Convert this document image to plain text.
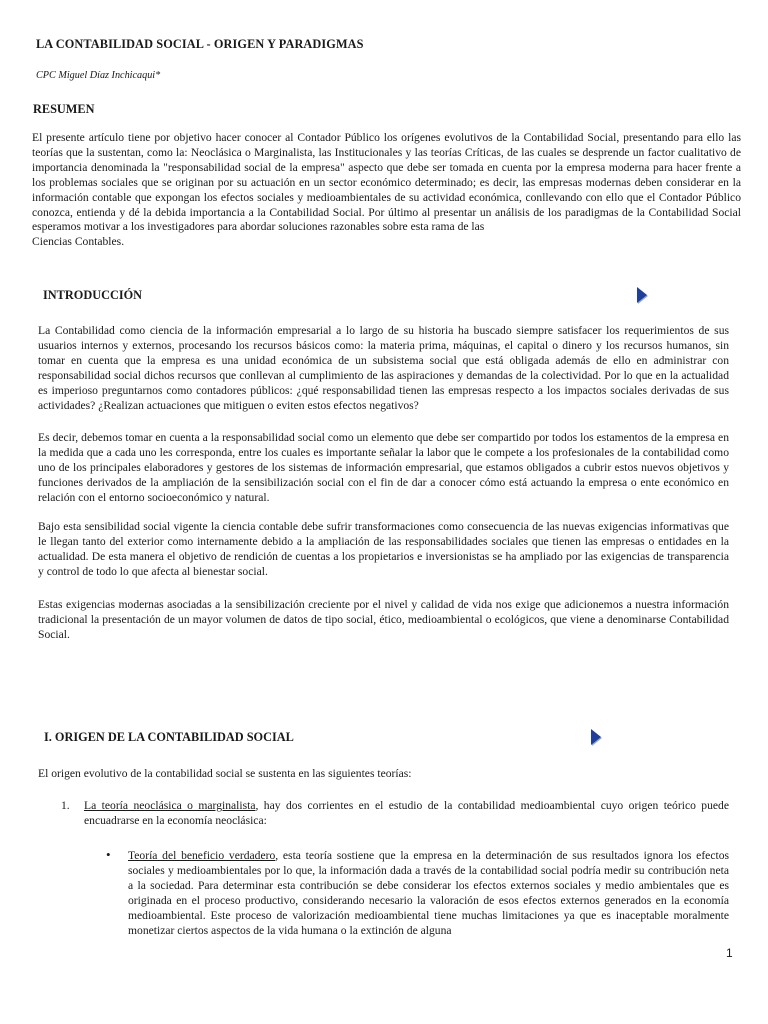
LA CONTABILIDAD SOCIAL - ORIGEN Y PARADIGMAS
CPC Miguel Díaz Inchicaqui*
RESUMEN
El presente artículo tiene por objetivo hacer conocer al Contador Público los orígenes evolutivos de la Contabilidad Social, presentando para ello las teorías que la sustentan, como la: Neoclásica o Marginalista, las Institucionales y las teorías Críticas, de las cuales se desprende un factor cualitativo de importancia denominada la "responsabilidad social de la empresa" aspecto que debe ser tomada en cuenta por la empresa moderna para hacer frente a los problemas sociales que se originan por su actuación en un sector económico determinado; es decir, las empresas modernas deben considerar en la información contable que expongan los efectos sociales y medioambientales de su actividad económica, conllevando con ello que el Contador Público conozca, entienda y dé la debida importancia a la Contabilidad Social. Por último al presentar un análisis de los paradigmas de la Contabilidad Social esperamos motivar a los investigadores para abordar soluciones razonables sobre esta rama de las
Ciencias Contables.
INTRODUCCIÓN
La Contabilidad como ciencia de la información empresarial a lo largo de su historia ha buscado siempre satisfacer los requerimientos de sus usuarios internos y externos, procesando los recursos básicos como: la materia prima, máquinas, el capital o dinero y los recursos humanos, sin tomar en cuenta que la empresa es una unidad económica de un subsistema social que está obligada además de ello en administrar con responsabilidad social dichos recursos que conllevan al cumplimiento de las aspiraciones y demandas de la colectividad. Por lo que en la actualidad es imperioso preguntarnos como contadores públicos: ¿qué responsabilidad tienen las empresas respecto a los impactos sociales derivadas de sus actividades? ¿Realizan actuaciones que mitiguen o eviten estos efectos negativos?
Es decir, debemos tomar en cuenta a la responsabilidad social como un elemento que debe ser compartido por todos los estamentos de la empresa en la medida que a cada uno les corresponda, entre los cuales es importante señalar la labor que le compete a los profesionales de la contabilidad como uno de los principales elaboradores y gestores de los sistemas de información empresarial, que estamos obligados a cubrir estos nuevos objetivos y funciones derivados de la ampliación de la sensibilización social con el fin de dar a conocer cómo está actuando la empresa o ente económico en relación con el entorno socioeconómico y natural.
Bajo esta sensibilidad social vigente la ciencia contable debe sufrir transformaciones como consecuencia de las nuevas exigencias informativas que le llegan tanto del exterior como internamente debido a la ampliación de las responsabilidades sociales que tienen las empresas o entidades en la actualidad. De esta manera el objetivo de rendición de cuentas a los propietarios e inversionistas se ha ampliado por las exigencias de transparencia y control de todo lo que afecta al bienestar social.
Estas exigencias modernas asociadas a la sensibilización creciente por el nivel y calidad de vida nos exige que adicionemos a nuestra información tradicional la presentación de un mayor volumen de datos de tipo social, ético, medioambiental o ecológicos, que viene a denominarse Contabilidad Social.
I. ORIGEN DE LA CONTABILIDAD SOCIAL
El origen evolutivo de la contabilidad social se sustenta en las siguientes teorías:
1. La teoría neoclásica o marginalista, hay dos corrientes en el estudio de la contabilidad medioambiental cuyo origen teórico puede encuadrarse en la economía neoclásica:
• Teoría del beneficio verdadero, esta teoría sostiene que la empresa en la determinación de sus resultados ignora los efectos sociales y medioambientales por lo que, la información dada a través de la contabilidad social podría medir su contribución neta a la sociedad. Para determinar esta contribución se debe considerar los efectos externos sociales y medio ambientales que es originada en el proceso productivo, considerando necesario la valoración de esos efectos externos generados en la economía medioambiental. Este proceso de valorización medioambiental tiene muchas limitaciones ya que es inaceptable moralmente monetizar ciertos aspectos de la vida humana o la extinción de alguna
1
